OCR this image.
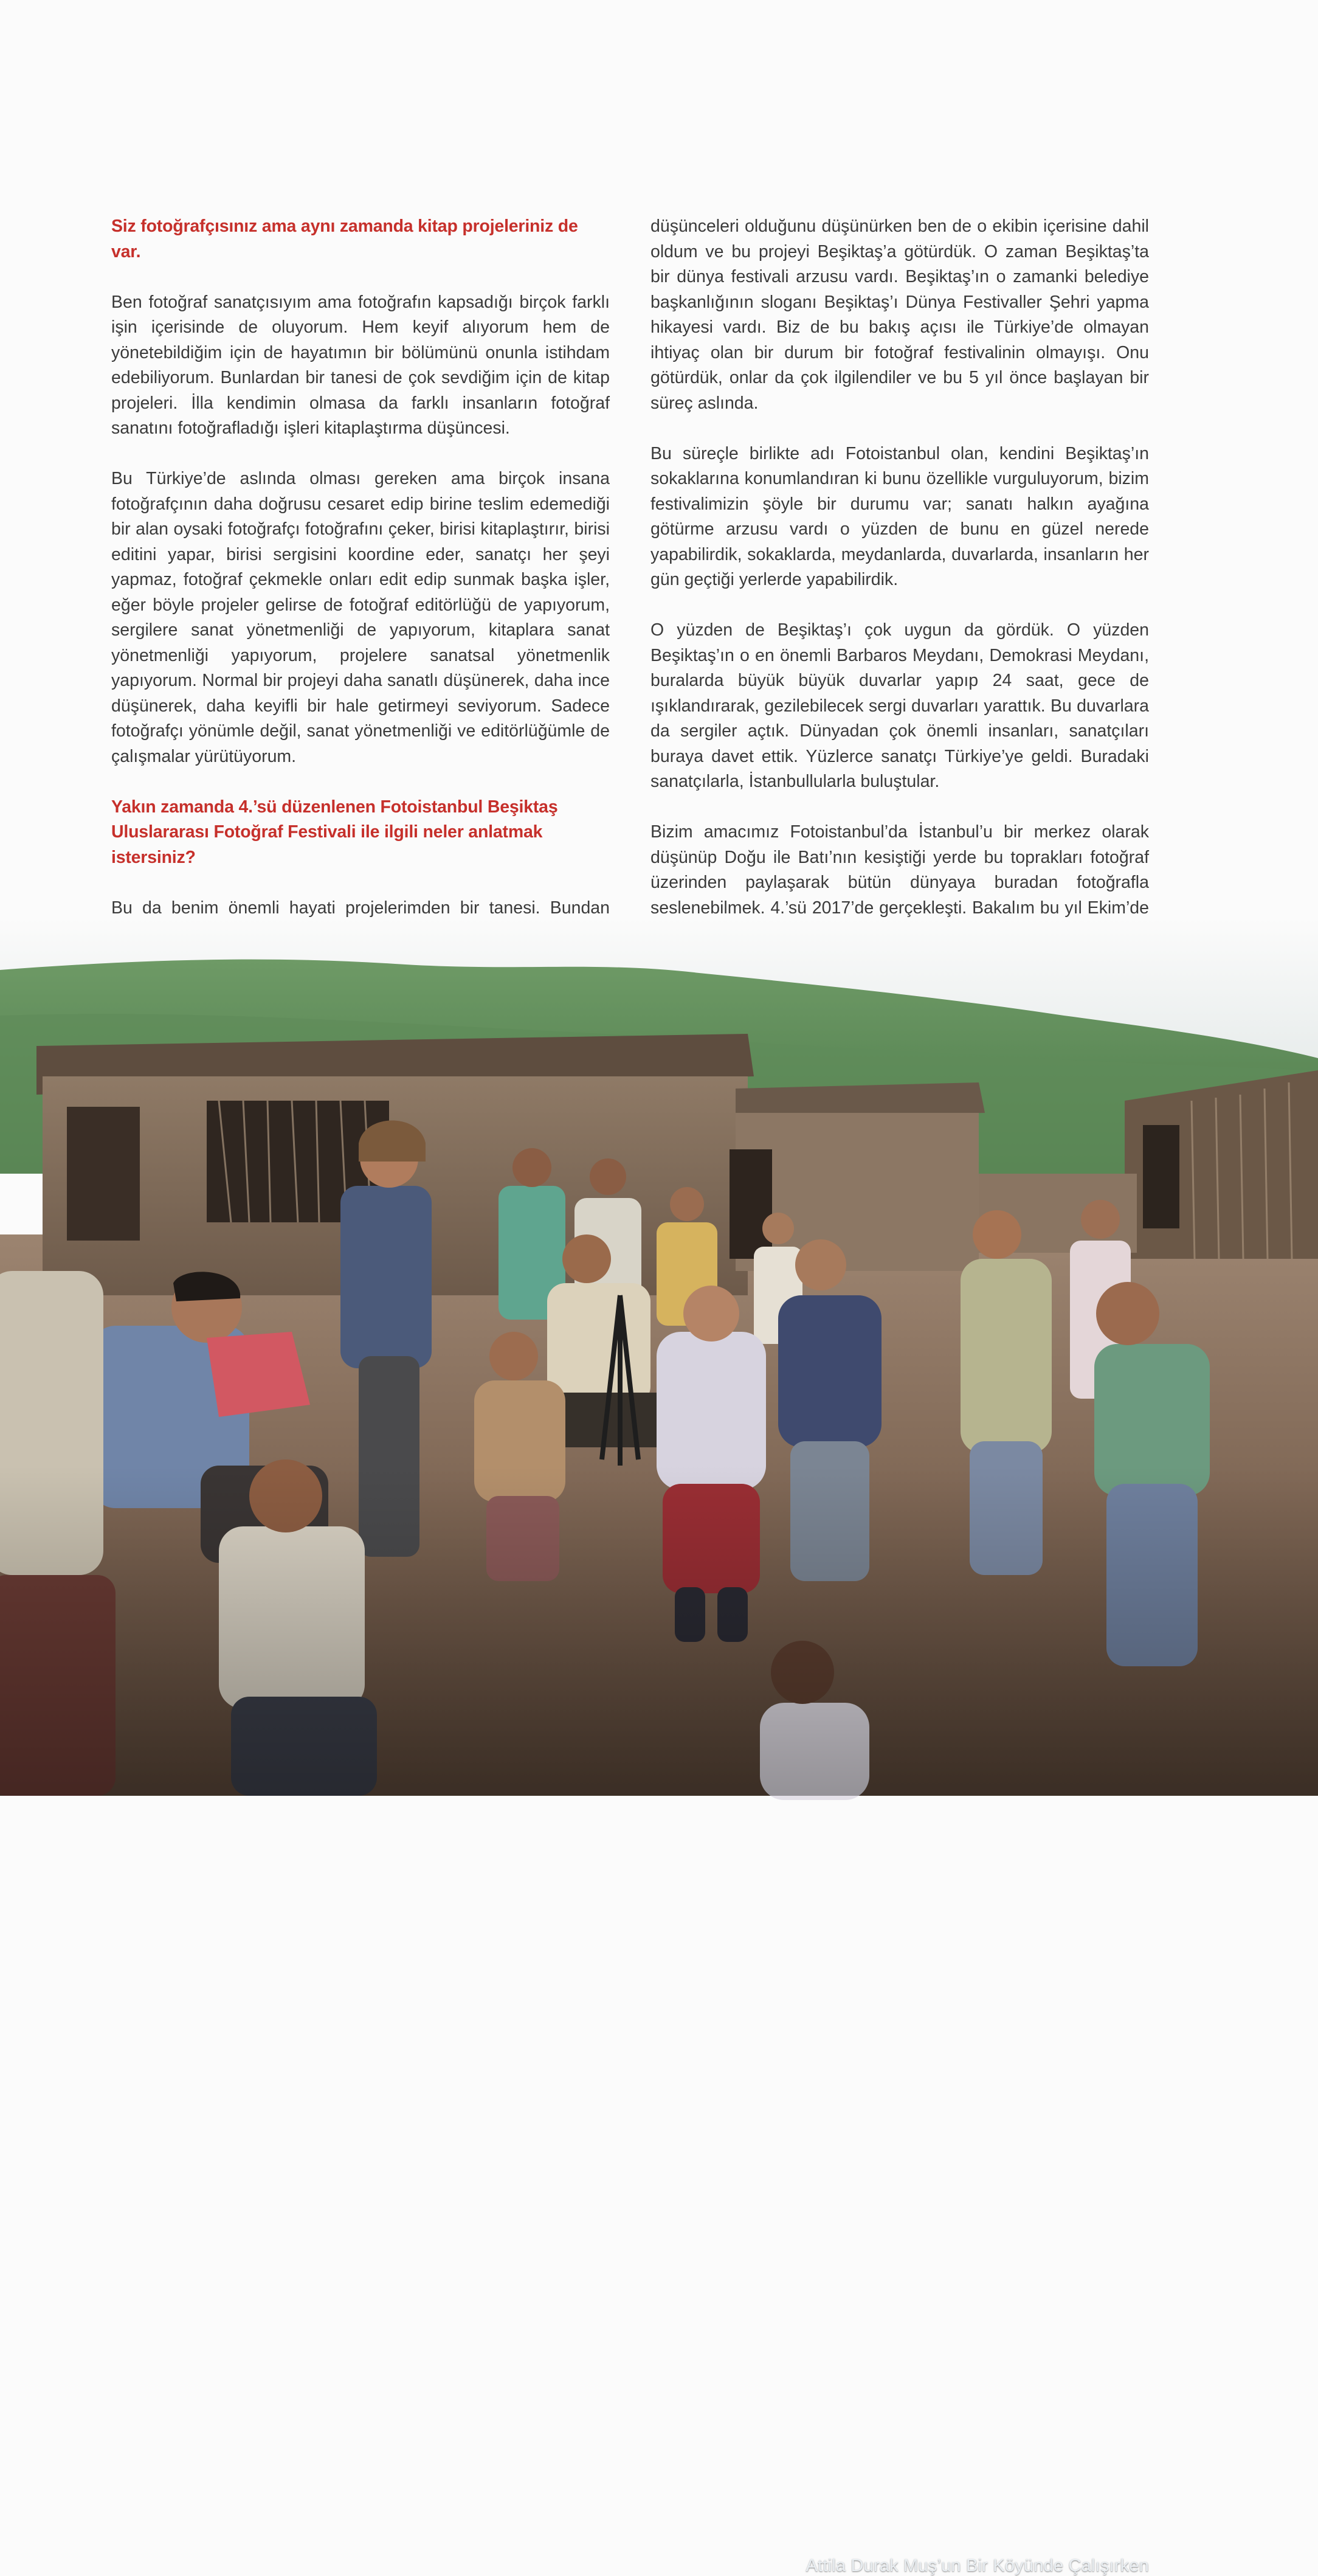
Siz fotoğrafçısınız ama aynı zamanda kitap projeleriniz de var.

Ben fotoğraf sanatçısıyım ama fotoğrafın kapsadığı birçok farklı işin içerisinde de oluyorum. Hem keyif alıyorum hem de yönetebildiğim için de hayatımın bir bölümünü onunla istihdam edebiliyorum. Bunlardan bir tanesi de çok sevdiğim için de kitap projeleri. İlla kendimin olmasa da farklı insanların fotoğraf sanatını fotoğrafladığı işleri kitaplaştırma düşüncesi.

Bu Türkiye’de aslında olması gereken ama birçok insana fotoğrafçının daha doğrusu cesaret edip birine teslim edemediği bir alan oysaki fotoğrafçı fotoğrafını çeker, birisi kitaplaştırır, birisi editini yapar, birisi sergisini koordine eder, sanatçı her şeyi yapmaz, fotoğraf çekmekle onları edit edip sunmak başka işler, eğer böyle projeler gelirse de fotoğraf editörlüğü de yapıyorum, sergilere sanat yönetmenliği de yapıyorum, kitaplara sanat yönetmenliği yapıyorum, projelere sanatsal yönetmenlik yapıyorum. Normal bir projeyi daha sanatlı düşünerek, daha ince düşünerek, daha keyifli bir hale getirmeyi seviyorum. Sadece fotoğrafçı yönümle değil, sanat yönetmenliği ve editörlüğümle de çalışmalar yürütüyorum.

Yakın zamanda 4.’sü düzenlenen Fotoistanbul Beşiktaş Uluslararası Fotoğraf Festivali ile ilgili neler anlatmak istersiniz?

Bu da benim önemli hayati projelerimden bir tanesi. Bundan

düşünceleri olduğunu düşünürken ben de o ekibin içerisine dahil oldum ve bu projeyi Beşiktaş’a götürdük. O zaman Beşiktaş’ta bir dünya festivali arzusu vardı. Beşiktaş’ın o zamanki belediye başkanlığının sloganı Beşiktaş’ı Dünya Festivaller Şehri yapma hikayesi vardı. Biz de bu bakış açısı ile Türkiye’de olmayan ihtiyaç olan bir durum bir fotoğraf festivalinin olmayışı. Onu götürdük, onlar da çok ilgilendiler ve bu 5 yıl önce başlayan bir süreç aslında.

Bu süreçle birlikte adı Fotoistanbul olan, kendini Beşiktaş’ın sokaklarına konumlandıran ki bunu özellikle vurguluyorum, bizim festivalimizin şöyle bir durumu var; sanatı halkın ayağına götürme arzusu vardı o yüzden de bunu en güzel nerede yapabilirdik, sokaklarda, meydanlarda, duvarlarda, insanların her gün geçtiği yerlerde yapabilirdik.

O yüzden de Beşiktaş’ı çok uygun da gördük. O yüzden Beşiktaş’ın o en önemli Barbaros Meydanı, Demokrasi Meydanı, buralarda büyük büyük duvarlar yapıp 24 saat, gece de ışıklandırarak, gezilebilecek sergi duvarları yarattık. Bu duvarlara da sergiler açtık. Dünyadan çok önemli insanları, sanatçıları buraya davet ettik. Yüzlerce sanatçı Türkiye’ye geldi. Buradaki sanatçılarla, İstanbullularla buluştular.

Bizim amacımız Fotoistanbul’da İstanbul’u bir merkez olarak düşünüp Doğu ile Batı’nın kesiştiği yerde bu toprakları fotoğraf üzerinden paylaşarak bütün dünyaya buradan fotoğrafla seslenebilmek. 4.’sü 2017’de gerçekleşti. Bakalım bu yıl Ekim’de

Attila Durak Muş’un Bir Köyünde Çalışırken
